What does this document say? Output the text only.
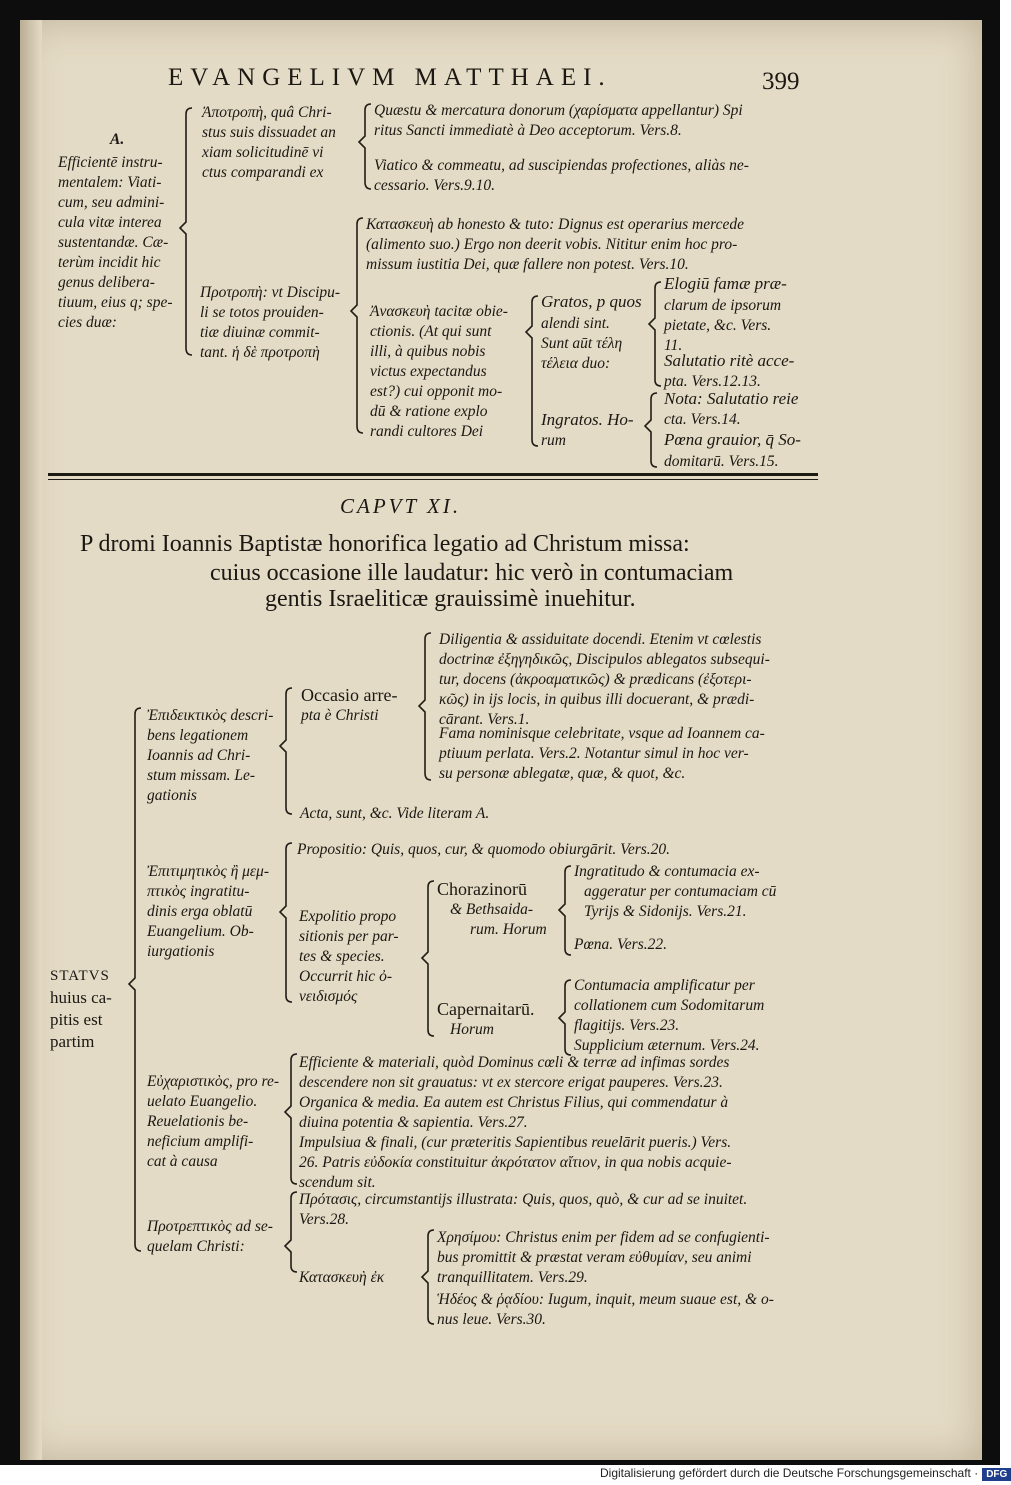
EVANGELIVM MATTHAEI.	399
A.
Efficientē instru-
mentalem: Viati-
cum, seu admini-
cula vitæ interea
sustentandæ. Cæ-
terùm incidit hic
genus delibera-
tiuum, eius q; spe-
cies duæ:
Ἀποτροπὴ, quâ Chri-
stus suis dissuadet an
xiam solicitudinē vi
ctus comparandi ex
Quæstu & mercatura donorum (χαρίσματα appellantur) Spi
ritus Sancti immediatè à Deo acceptorum. Vers.8.
Viatico & commeatu, ad suscipiendas profectiones, aliàs ne-
cessario. Vers.9.10.
Προτροπὴ: vt Discipu-
li se totos prouiden-
tiæ diuinæ commit-
tant. ἡ δὲ προτροπὴ
Κατασκευὴ ab honesto & tuto: Dignus est operarius mercede
(alimento suo.) Ergo non deerit vobis. Nititur enim hoc pro-
missum iustitia Dei, quæ fallere non potest. Vers.10.
Ἀνασκευὴ tacitæ obie-
ctionis. (At qui sunt
illi, à quibus nobis
victus expectandus
est?) cui opponit mo-
dū & ratione explo
randi cultores Dei
Gratos, p quos
alendi sint.
Sunt aūt τέλη
τέλεια duo:
Ingratos. Ho-
rum
Elogiū famæ præ-
clarum de ipsorum
pietate, &c. Vers.
11.
Salutatio ritè acce-
pta. Vers.12.13.
Nota: Salutatio reie
cta. Vers.14.
Pœna grauior, q̄ So-
domitarū. Vers.15.
CAPVT XI.
P dromi Ioannis Baptistæ honorifica legatio ad Christum missa:
cuius occasione ille laudatur: hic verò in contumaciam
gentis Israeliticæ grauissimè inuehitur.
STATVS
huius ca-
pitis est
partim
Ἐπιδεικτικὸς descri-
bens legationem
Ioannis ad Chri-
stum missam. Le-
gationis
Occasio arre-
pta è Christi
Diligentia & assiduitate docendi. Etenim vt cœlestis
doctrinæ ἐξηγηδικῶς, Discipulos ablegatos subsequi-
tur, docens (ἀκροαματικῶς) & prædicans (ἐξοτερι-
κῶς) in ijs locis, in quibus illi docuerant, & prædi-
cārant. Vers.1.
Fama nominisque celebritate, vsque ad Ioannem ca-
ptiuum perlata. Vers.2. Notantur simul in hoc ver-
su personæ ablegatæ, quæ, & quot, &c.
Acta, sunt, &c. Vide literam A.
Ἐπιτιμητικὸς ἢ μεμ-
πτικὸς ingratitu-
dinis erga oblatū
Euangelium. Ob-
iurgationis
Propositio: Quis, quos, cur, & quomodo obiurgārit. Vers.20.
Expolitio propo
sitionis per par-
tes & species.
Occurrit hic ὀ-
νειδισμός
Chorazinorū
& Bethsaida-
rum. Horum
Ingratitudo & contumacia ex-
aggeratur per contumaciam cū
Tyrijs & Sidonijs. Vers.21.
Pœna. Vers.22.
Capernaitarū.
Horum
Contumacia amplificatur per
collationem cum Sodomitarum
flagitijs. Vers.23.
Supplicium æternum. Vers.24.
Εὐχαριστικὸς, pro re-
uelato Euangelio.
Reuelationis be-
neficium amplifi-
cat à causa
Efficiente & materiali, quòd Dominus cœli & terræ ad infimas sordes
descendere non sit grauatus: vt ex stercore erigat pauperes. Vers.23.
Organica & media. Ea autem est Christus Filius, qui commendatur à
diuina potentia & sapientia. Vers.27.
Impulsiua & finali, (cur præteritis Sapientibus reuelārit pueris.) Vers.
26. Patris εὐδοκία constituitur ἀκρότατον αἴτιον, in qua nobis acquie-
scendum sit.
Προτρεπτικὸς ad se-
quelam Christi:
Πρότασις, circumstantijs illustrata: Quis, quos, quò, & cur ad se inuitet.
Vers.28.
Κατασκευὴ ἐκ
Χρησίμου: Christus enim per fidem ad se confugienti-
bus promittit & præstat veram εὐθυμίαν, seu animi
tranquillitatem. Vers.29.
Ἡδέος & ῥᾳδίου: Iugum, inquit, meum suaue est, & o-
nus leue. Vers.30.
Digitalisierung gefördert durch die Deutsche Forschungsgemeinschaft · DFG
